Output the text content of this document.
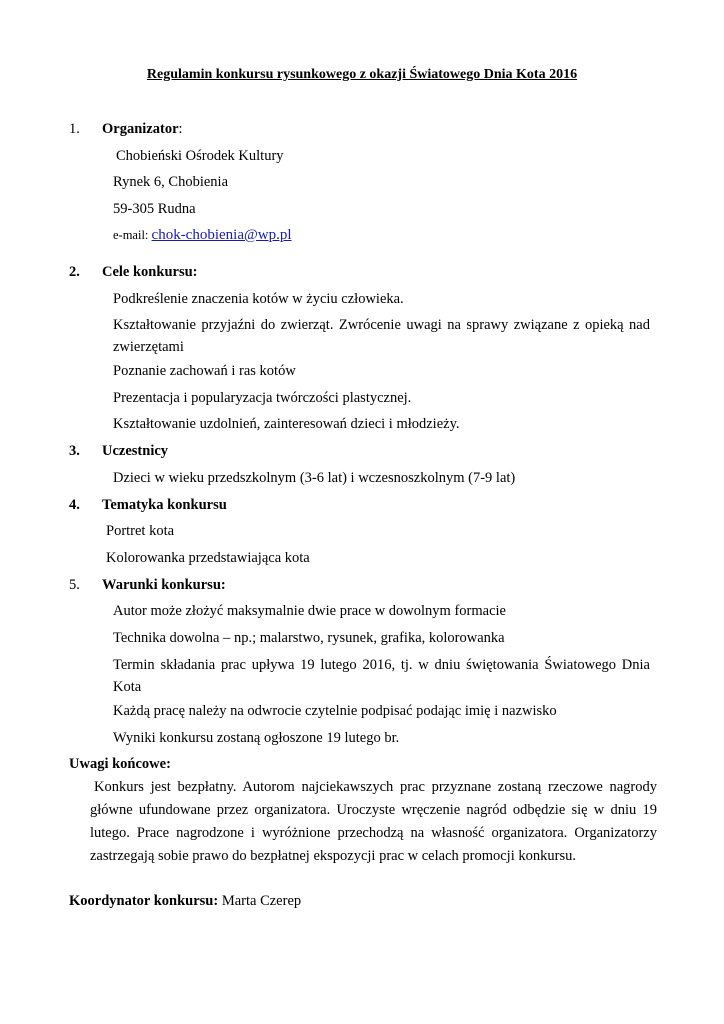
Regulamin konkursu rysunkowego z okazji Światowego Dnia Kota 2016
1. Organizator:
Chobieński Ośrodek Kultury
Rynek 6, Chobienia
59-305 Rudna
e-mail: chok-chobienia@wp.pl
2. Cele konkursu:
Podkreślenie znaczenia kotów w życiu człowieka.
Kształtowanie przyjaźni do zwierząt. Zwrócenie uwagi na sprawy związane z opieką nad zwierzętami
Poznanie zachowań i ras kotów
Prezentacja i popularyzacja twórczości plastycznej.
Kształtowanie uzdolnień, zainteresowań dzieci i młodzieży.
3. Uczestnicy
Dzieci w wieku przedszkolnym (3-6 lat) i wczesnoszkolnym (7-9 lat)
4. Tematyka konkursu
Portret kota
Kolorowanka przedstawiająca kota
5. Warunki konkursu:
Autor może złożyć maksymalnie dwie prace w dowolnym formacie
Technika dowolna – np.; malarstwo, rysunek, grafika, kolorowanka
Termin składania prac upływa 19 lutego 2016, tj. w dniu świętowania Światowego Dnia Kota
Każdą pracę należy na odwrocie czytelnie podpisać podając imię i nazwisko
Wyniki konkursu zostaną ogłoszone 19 lutego br.
Uwagi końcowe:
Konkurs jest bezpłatny. Autorom najciekawszych prac przyznane zostaną rzeczowe nagrody główne ufundowane przez organizatora. Uroczyste wręczenie nagród odbędzie się w dniu 19 lutego. Prace nagrodzone i wyróżnione przechodzą na własność organizatora. Organizatorzy zastrzegają sobie prawo do bezpłatnej ekspozycji prac w celach promocji konkursu.
Koordynator konkursu: Marta Czerep
